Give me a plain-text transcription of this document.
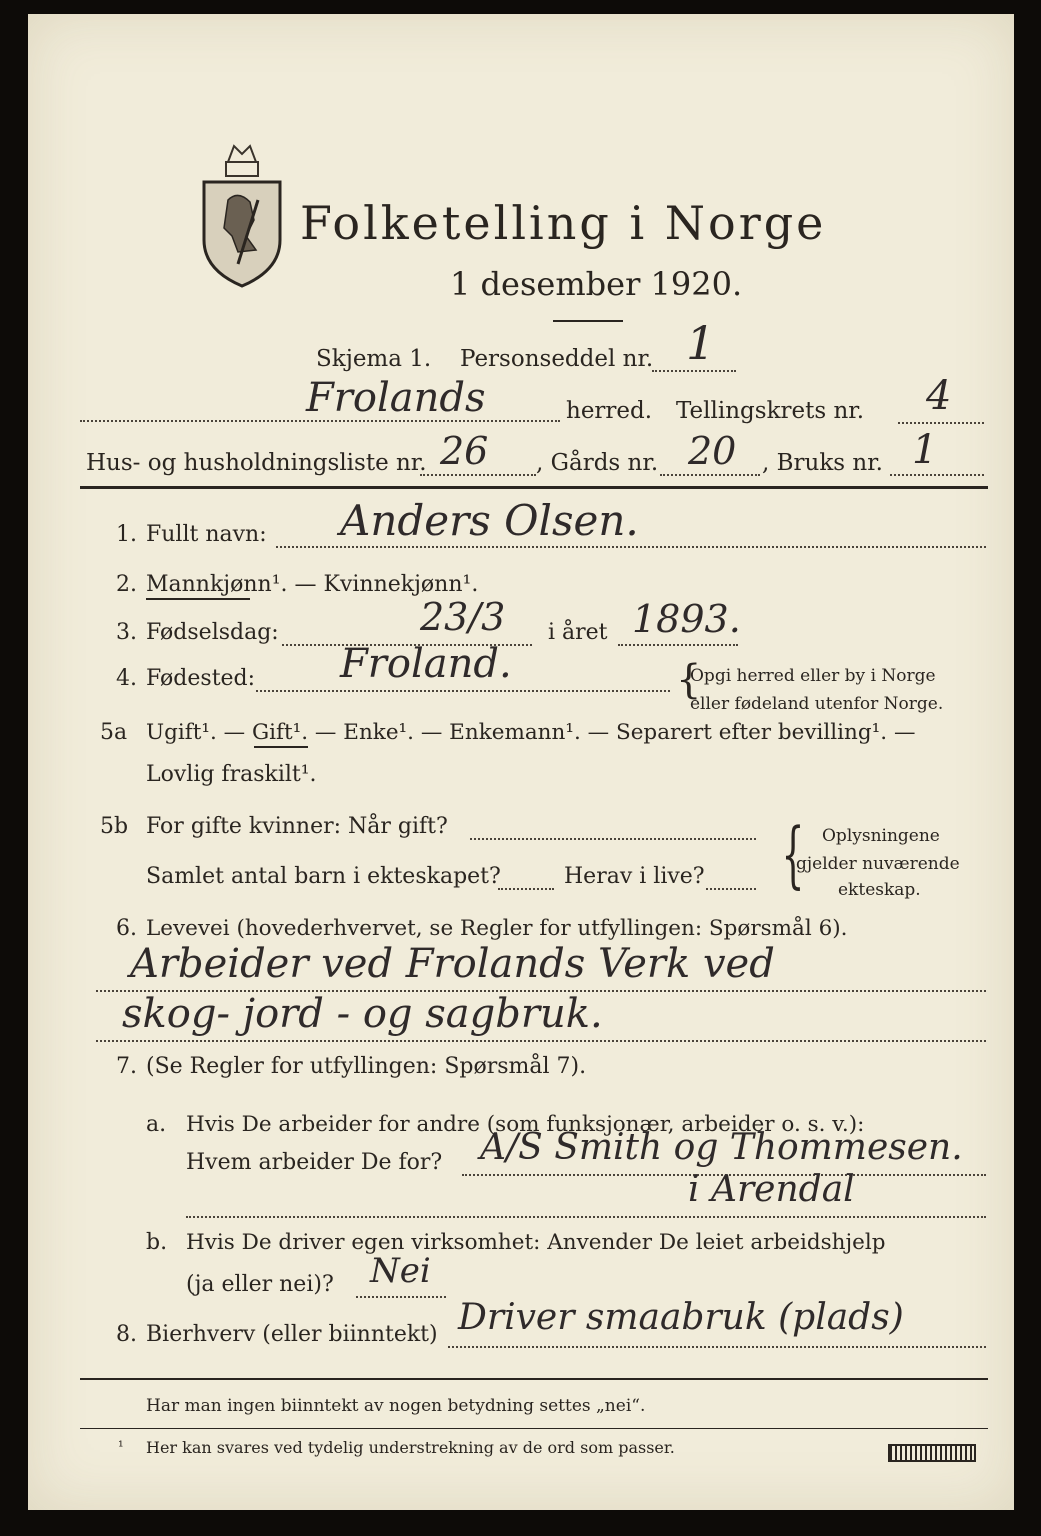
Folketelling i Norge
1 desember 1920.
Skjema 1. Personseddel nr. 1
Frolands	herred. Tellingskrets nr. 4
Hus- og husholdningsliste nr. 26 , Gårds nr. 20 , Bruks nr. 1
1. Fullt navn: Anders Olsen.
2. Mannkjønn¹. — Kvinnekjønn¹.
3. Fødselsdag:	23/3 i året 1893.
4. Fødested: Froland.	{
Opgi herred eller by i Norge
eller fødeland utenfor Norge.
5a Ugift¹. — Gift¹. — Enke¹. — Enkemann¹. — Separert efter bevilling¹. —
Lovlig fraskilt¹.
5b For gifte kvinner: Når gift?
Samlet antal barn i ekteskapet?	Herav i live? { Oplysningene
gjelder nuværende
ekteskap.
6. Levevei (hovederhvervet, se Regler for utfyllingen: Spørsmål 6).
Arbeider ved Frolands Verk ved
skog- jord - og sagbruk.
7. (Se Regler for utfyllingen: Spørsmål 7).
a. Hvis De arbeider for andre (som funksjonær, arbeider o. s. v.):
Hvem arbeider De for? A/S Smith og Thommesen.
i Arendal
b. Hvis De driver egen virksomhet: Anvender De leiet arbeidshjelp
(ja eller nei)? Nei
8. Bierhverv (eller biinntekt) Driver smaabruk (plads)
Har man ingen biinntekt av nogen betydning settes „nei“.
¹ Her kan svares ved tydelig understrekning av de ord som passer.
